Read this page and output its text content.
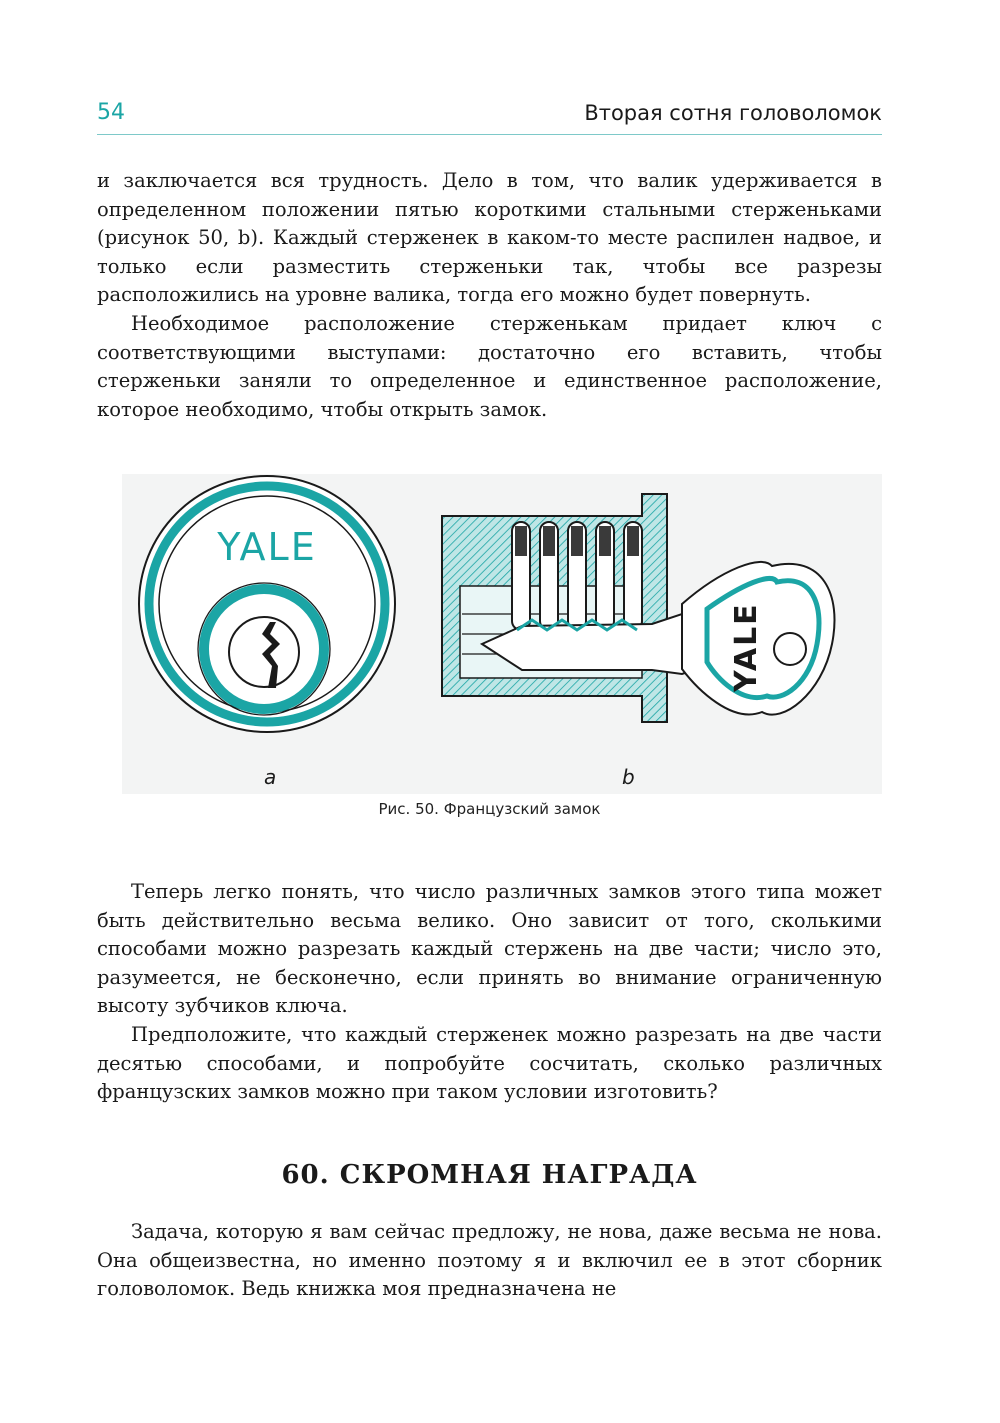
54	Вторая сотня головоломок

и заключается вся трудность. Дело в том, что валик удерживается в определенном положении пятью короткими стальными стерженьками (рисунок 50, b). Каждый стерженек в каком-то месте распилен надвое, и только если разместить стерженьки так, чтобы все разрезы расположились на уровне валика, тогда его можно будет повернуть.

Необходимое расположение стерженькам придает ключ с соответствующими выступами: достаточно его вставить, чтобы стерженьки заняли то определенное и единственное расположение, которое необходимо, чтобы открыть замок.

YALE
YALE
a	b
Рис. 50. Французский замок

Теперь легко понять, что число различных замков этого типа может быть действительно весьма велико. Оно зависит от того, сколькими способами можно разрезать каждый стержень на две части; число это, разумеется, не бесконечно, если принять во внимание ограниченную высоту зубчиков ключа.

Предположите, что каждый стерженек можно разрезать на две части десятью способами, и попробуйте сосчитать, сколько различных французских замков можно при таком условии изготовить?

60. СКРОМНАЯ НАГРАДА

Задача, которую я вам сейчас предложу, не нова, даже весьма не нова. Она общеизвестна, но именно поэтому я и включил ее в этот сборник головоломок. Ведь книжка моя предназначена не
